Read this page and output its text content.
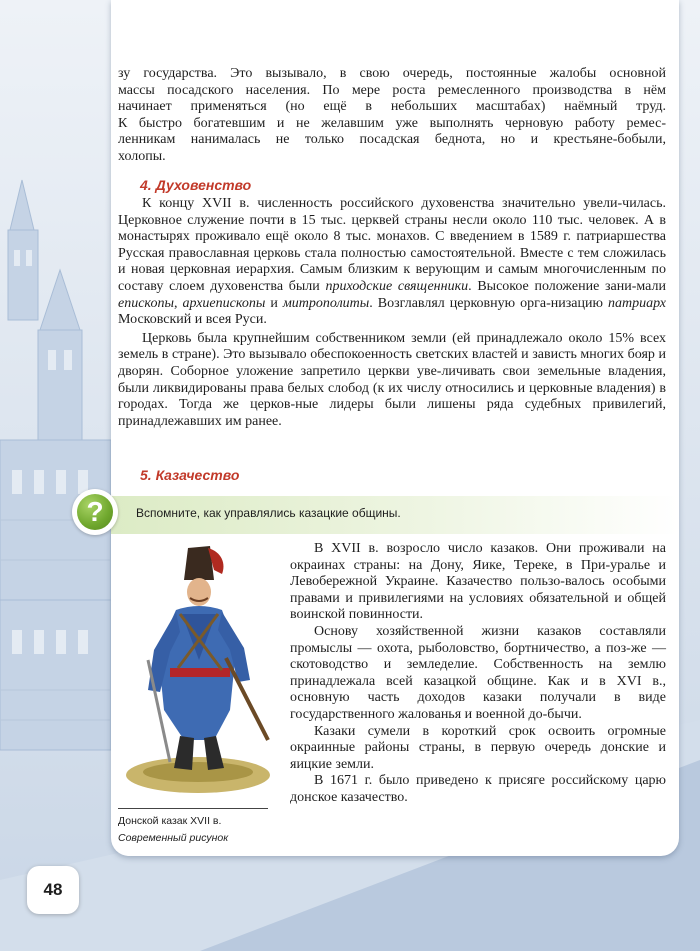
зу государства. Это вызывало, в свою очередь, постоянные жалобы основной

массы посадского населения. По мере роста ремесленного производства в нём

начинает применяться (но ещё в небольших масштабах) наёмный труд.

К быстро богатевшим и не желавшим уже выполнять черновую работу ремес-

ленникам нанималась не только посадская беднота, но и крестьяне-бобыли,

холопы.

4. Духовенство

К концу XVII в. численность российского духовенства значительно увели-чилась. Церковное служение почти в 15 тыс. церквей страны несли около 110 тыс. человек. А в монастырях проживало ещё около 8 тыс. монахов. С введением в 1589 г. патриаршества Русская православная церковь стала полностью самостоятельной. Вместе с тем сложилась и новая церковная иерархия. Самым близким к верующим и самым многочисленным по составу слоем духовенства были приходские священники. Высокое положение зани-мали епископы, архиепископы и митрополиты. Возглавлял церковную орга-низацию патриарх Московский и всея Руси.

Церковь была крупнейшим собственником земли (ей принадлежало около 15% всех земель в стране). Это вызывало обеспокоенность светских властей и зависть многих бояр и дворян. Соборное уложение запретило церкви уве-личивать свои земельные владения, были ликвидированы права белых слобод (к их числу относились и церковные владения) в городах. Тогда же церков-ные лидеры были лишены ряда судебных привилегий, принадлежавших им ранее.

5. Казачество
?	Вспомните, как управлялись казацкие общины.
Донской казак XVII в.
Современный рисунок

В XVII в. возросло число казаков. Они проживали на окраинах страны: на Дону, Яике, Тереке, в При-уралье и Левобережной Украине. Казачество пользо-валось особыми правами и привилегиями на условиях обязательной и общей воинской повинности.

Основу хозяйственной жизни казаков составляли промыслы — охота, рыболовство, бортничество, а поз-же — скотоводство и земледелие. Собственность на землю принадлежала всей казацкой общине. Как и в XVI в., основную часть доходов казаки получали в виде государственного жалованья и военной до-бычи.

Казаки сумели в короткий срок освоить огромные окраинные районы страны, в первую очередь донские и яицкие земли.

В 1671 г. было приведено к присяге российскому царю донское казачество.

48
